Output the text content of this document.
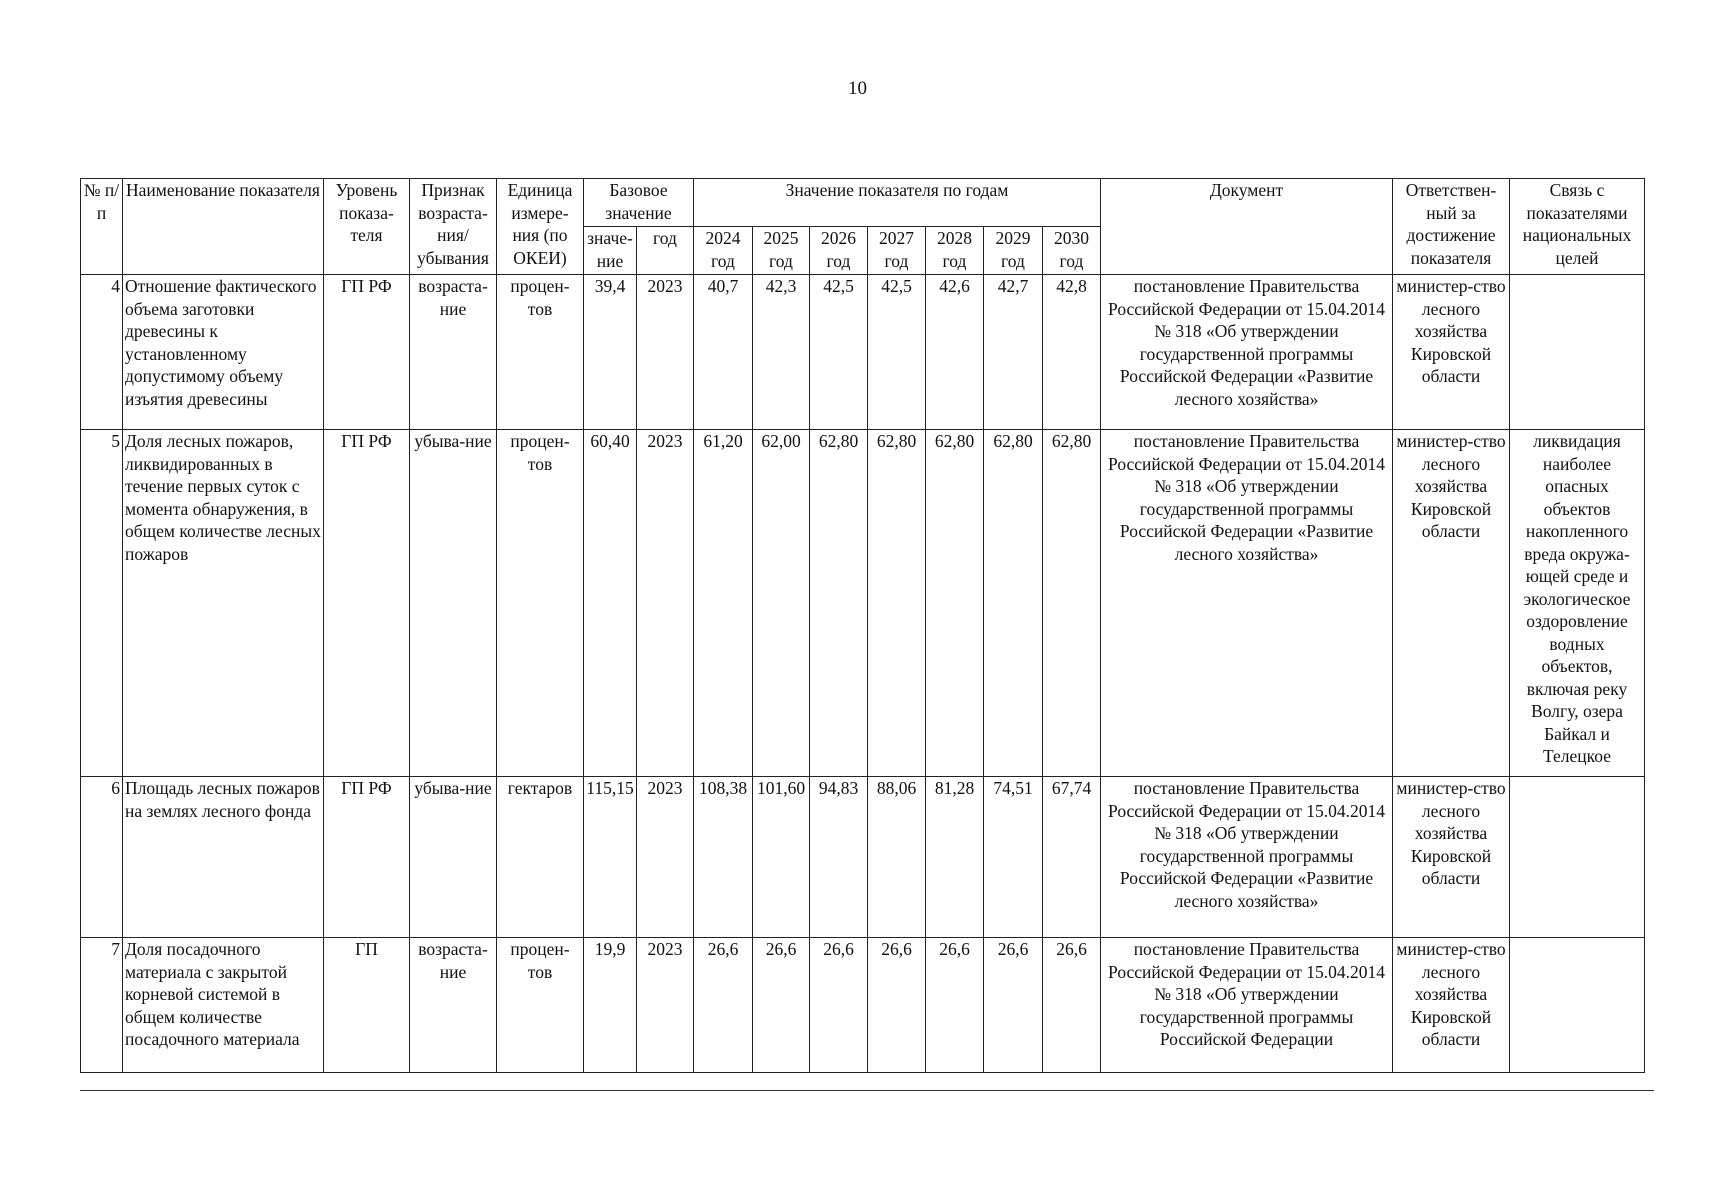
10
№ п/п	Наименование показателя	Уровень показа-теля	Признак возраста-ния/ убывания	Единица измере-ния (по ОКЕИ)	Базовое значение		Значение показателя по годам							Документ	Ответствен-ный за достижение показателя	Связь с показателями национальных целей
					значе-ние	год	2024 год	2025 год	2026 год	2027 год	2028 год	2029 год	2030 год			
4	Отношение фактического объема заготовки древесины к установленному допустимому объему изъятия древесины	ГП РФ	возраста-ние	процен-тов	39,4	2023	40,7	42,3	42,5	42,5	42,6	42,7	42,8	постановление Правительства Российской Федерации от 15.04.2014 № 318 «Об утверждении государственной программы Российской Федерации «Развитие лесного хозяйства»	министер-ство лесного хозяйства Кировской области	
5	Доля лесных пожаров, ликвидированных в течение первых суток с момента обнаружения, в общем количестве лесных пожаров	ГП РФ	убыва-ние	процен-тов	60,40	2023	61,20	62,00	62,80	62,80	62,80	62,80	62,80	постановление Правительства Российской Федерации от 15.04.2014 № 318 «Об утверждении государственной программы Российской Федерации «Развитие лесного хозяйства»	министер-ство лесного хозяйства Кировской области	ликвидация наиболее опасных объектов накопленного вреда окружа-ющей среде и экологическое оздоровление водных объектов, включая реку Волгу, озера Байкал и Телецкое
6	Площадь лесных пожаров на землях лесного фонда	ГП РФ	убыва-ние	гектаров	115,15	2023	108,38	101,60	94,83	88,06	81,28	74,51	67,74	постановление Правительства Российской Федерации от 15.04.2014 № 318 «Об утверждении государственной программы Российской Федерации «Развитие лесного хозяйства»	министер-ство лесного хозяйства Кировской области	
7	Доля посадочного материала с закрытой корневой системой в общем количестве посадочного материала	ГП	возраста-ние	процен-тов	19,9	2023	26,6	26,6	26,6	26,6	26,6	26,6	26,6	постановление Правительства Российской Федерации от 15.04.2014 № 318 «Об утверждении государственной программы Российской Федерации	министер-ство лесного хозяйства Кировской области	
